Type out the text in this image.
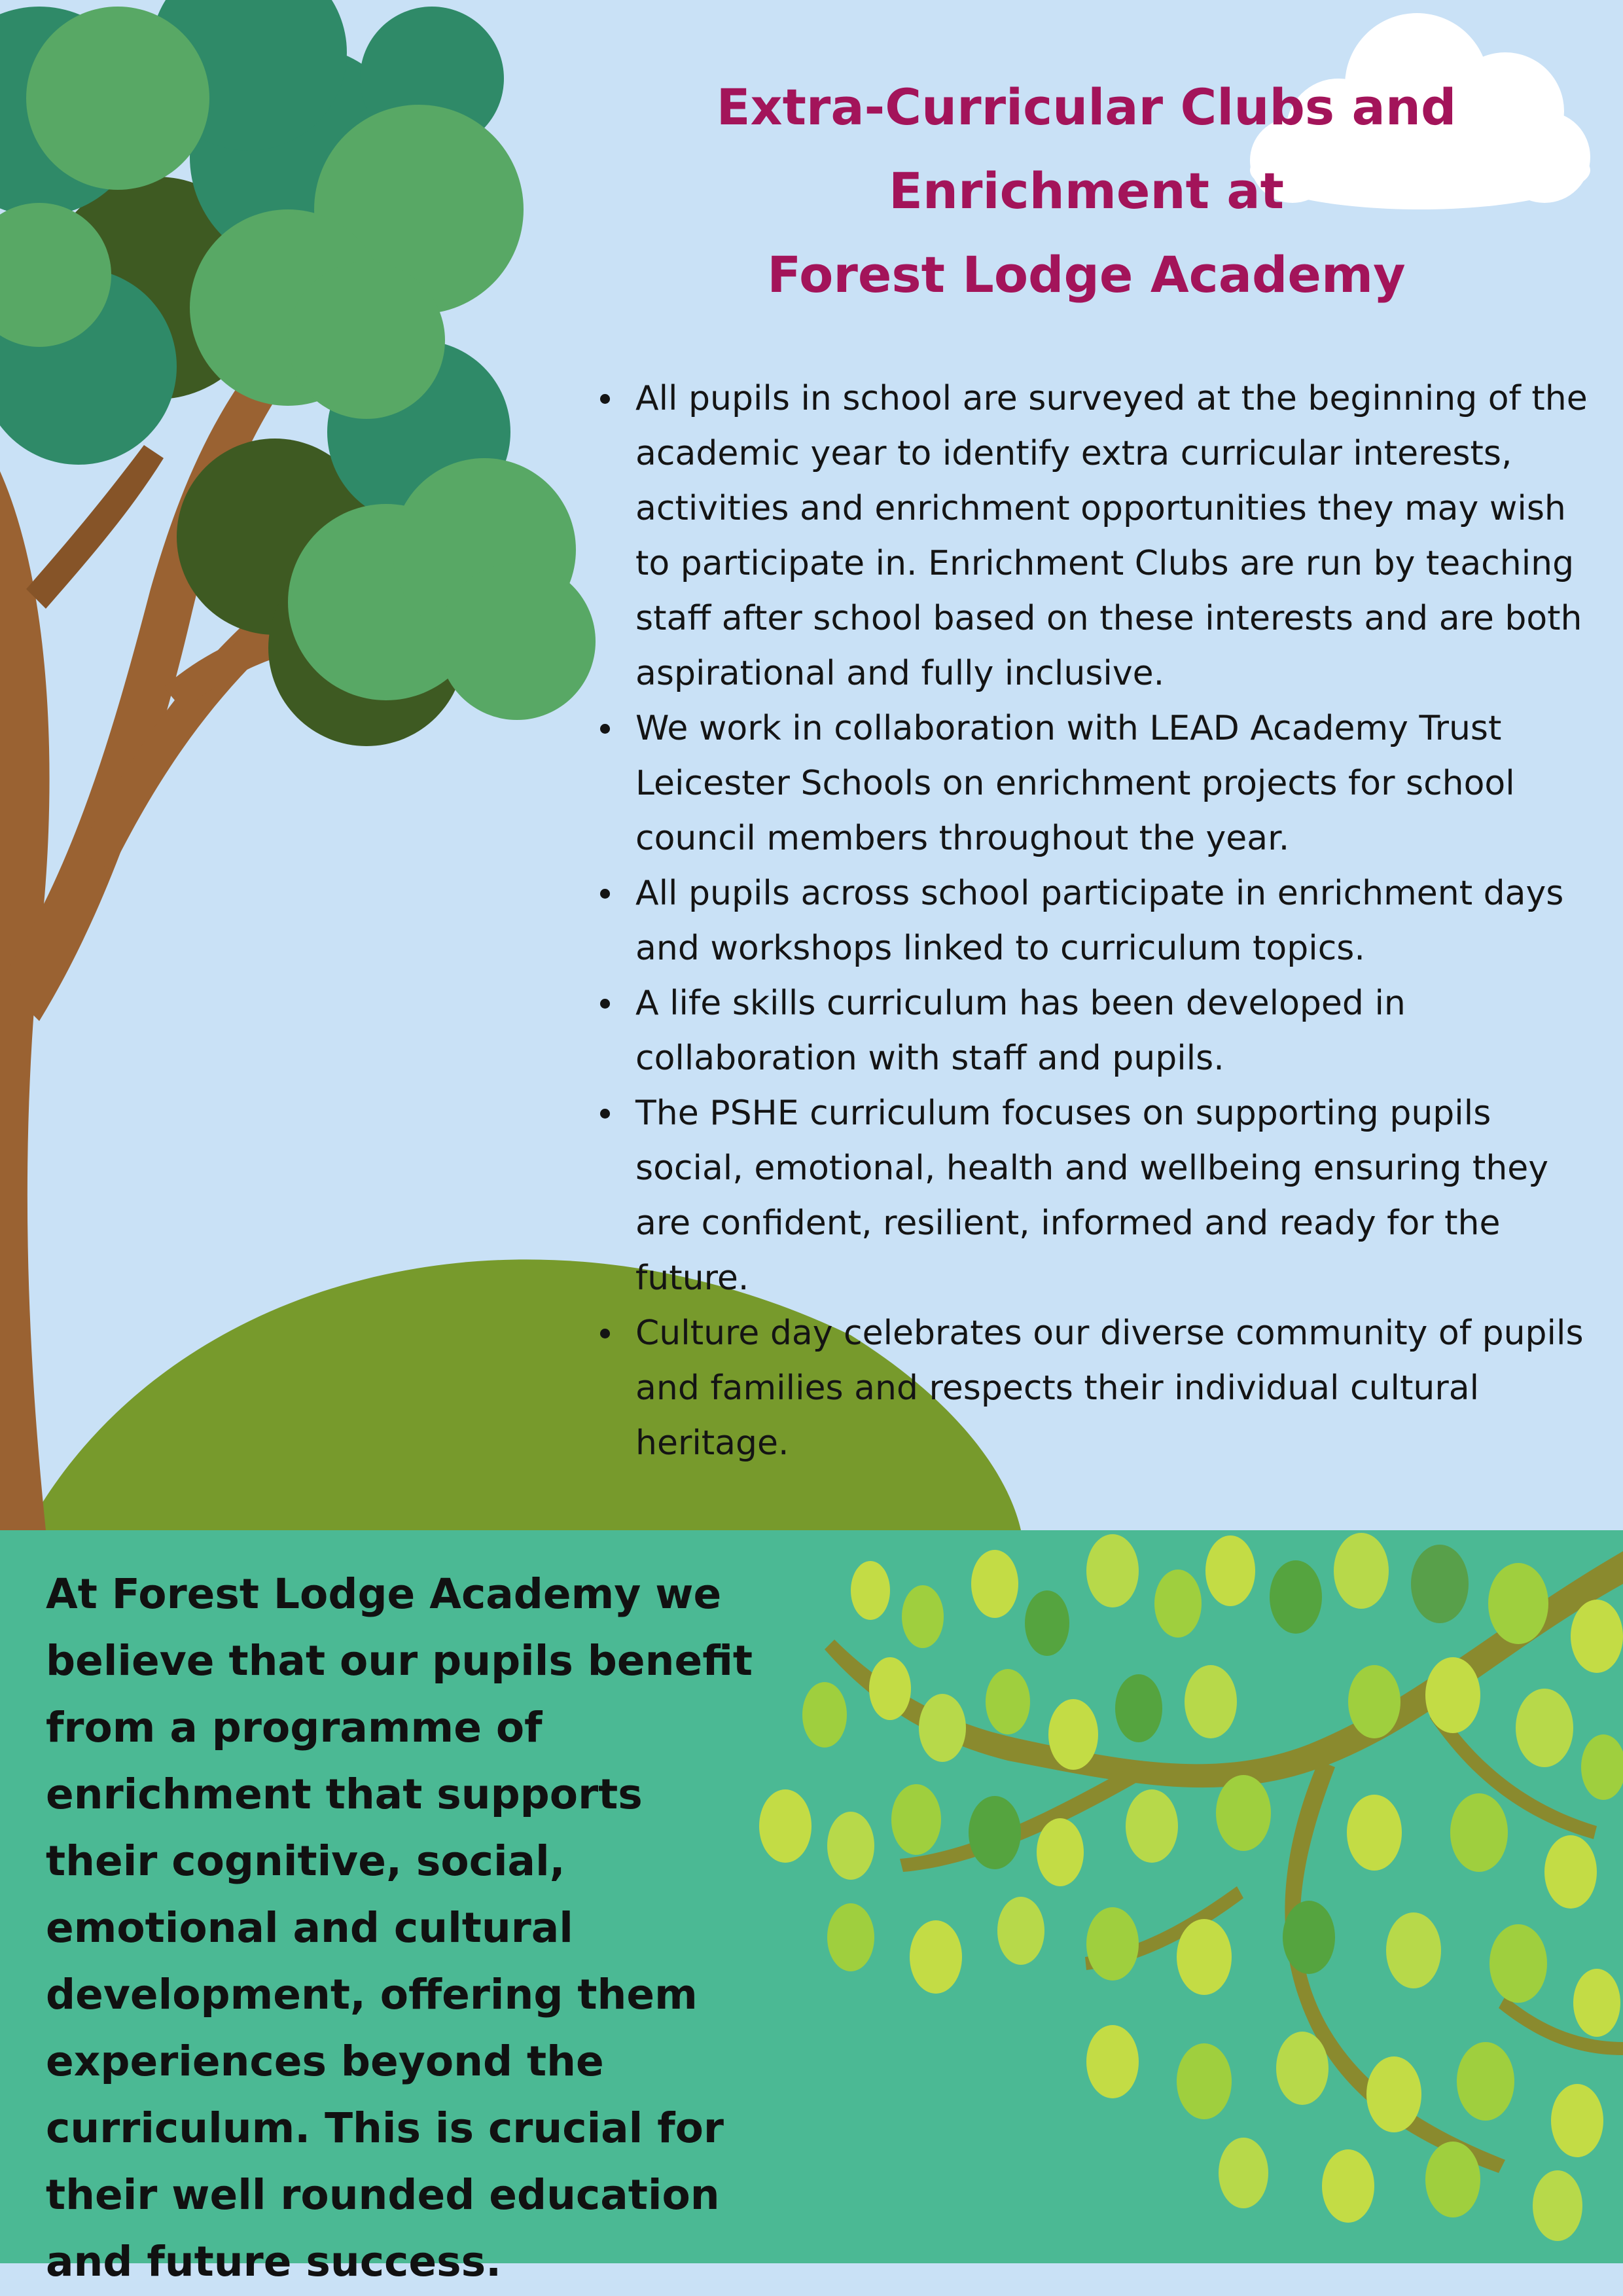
Extra-Curricular Clubs and
Enrichment at
Forest Lodge Academy
All pupils in school are surveyed at the beginning of the academic year to identify extra curricular interests, activities and enrichment opportunities they may wish to participate in. Enrichment Clubs are run by teaching staff after school based on these interests and are both aspirational and fully inclusive.
We work in collaboration with LEAD Academy Trust Leicester Schools on enrichment projects for school council members throughout the year.
All pupils across school participate in enrichment days and workshops linked to curriculum topics.
A life skills curriculum has been developed in collaboration with staff and pupils.
The PSHE curriculum focuses on supporting pupils social, emotional, health and wellbeing ensuring they are confident, resilient, informed and ready for the future.
Culture day celebrates our diverse community of pupils and families and respects their individual cultural heritage.

At Forest Lodge Academy we believe that our pupils benefit from a programme of enrichment that supports their cognitive, social, emotional and cultural development, offering them experiences beyond the curriculum. This is crucial for their well rounded education and future success.
